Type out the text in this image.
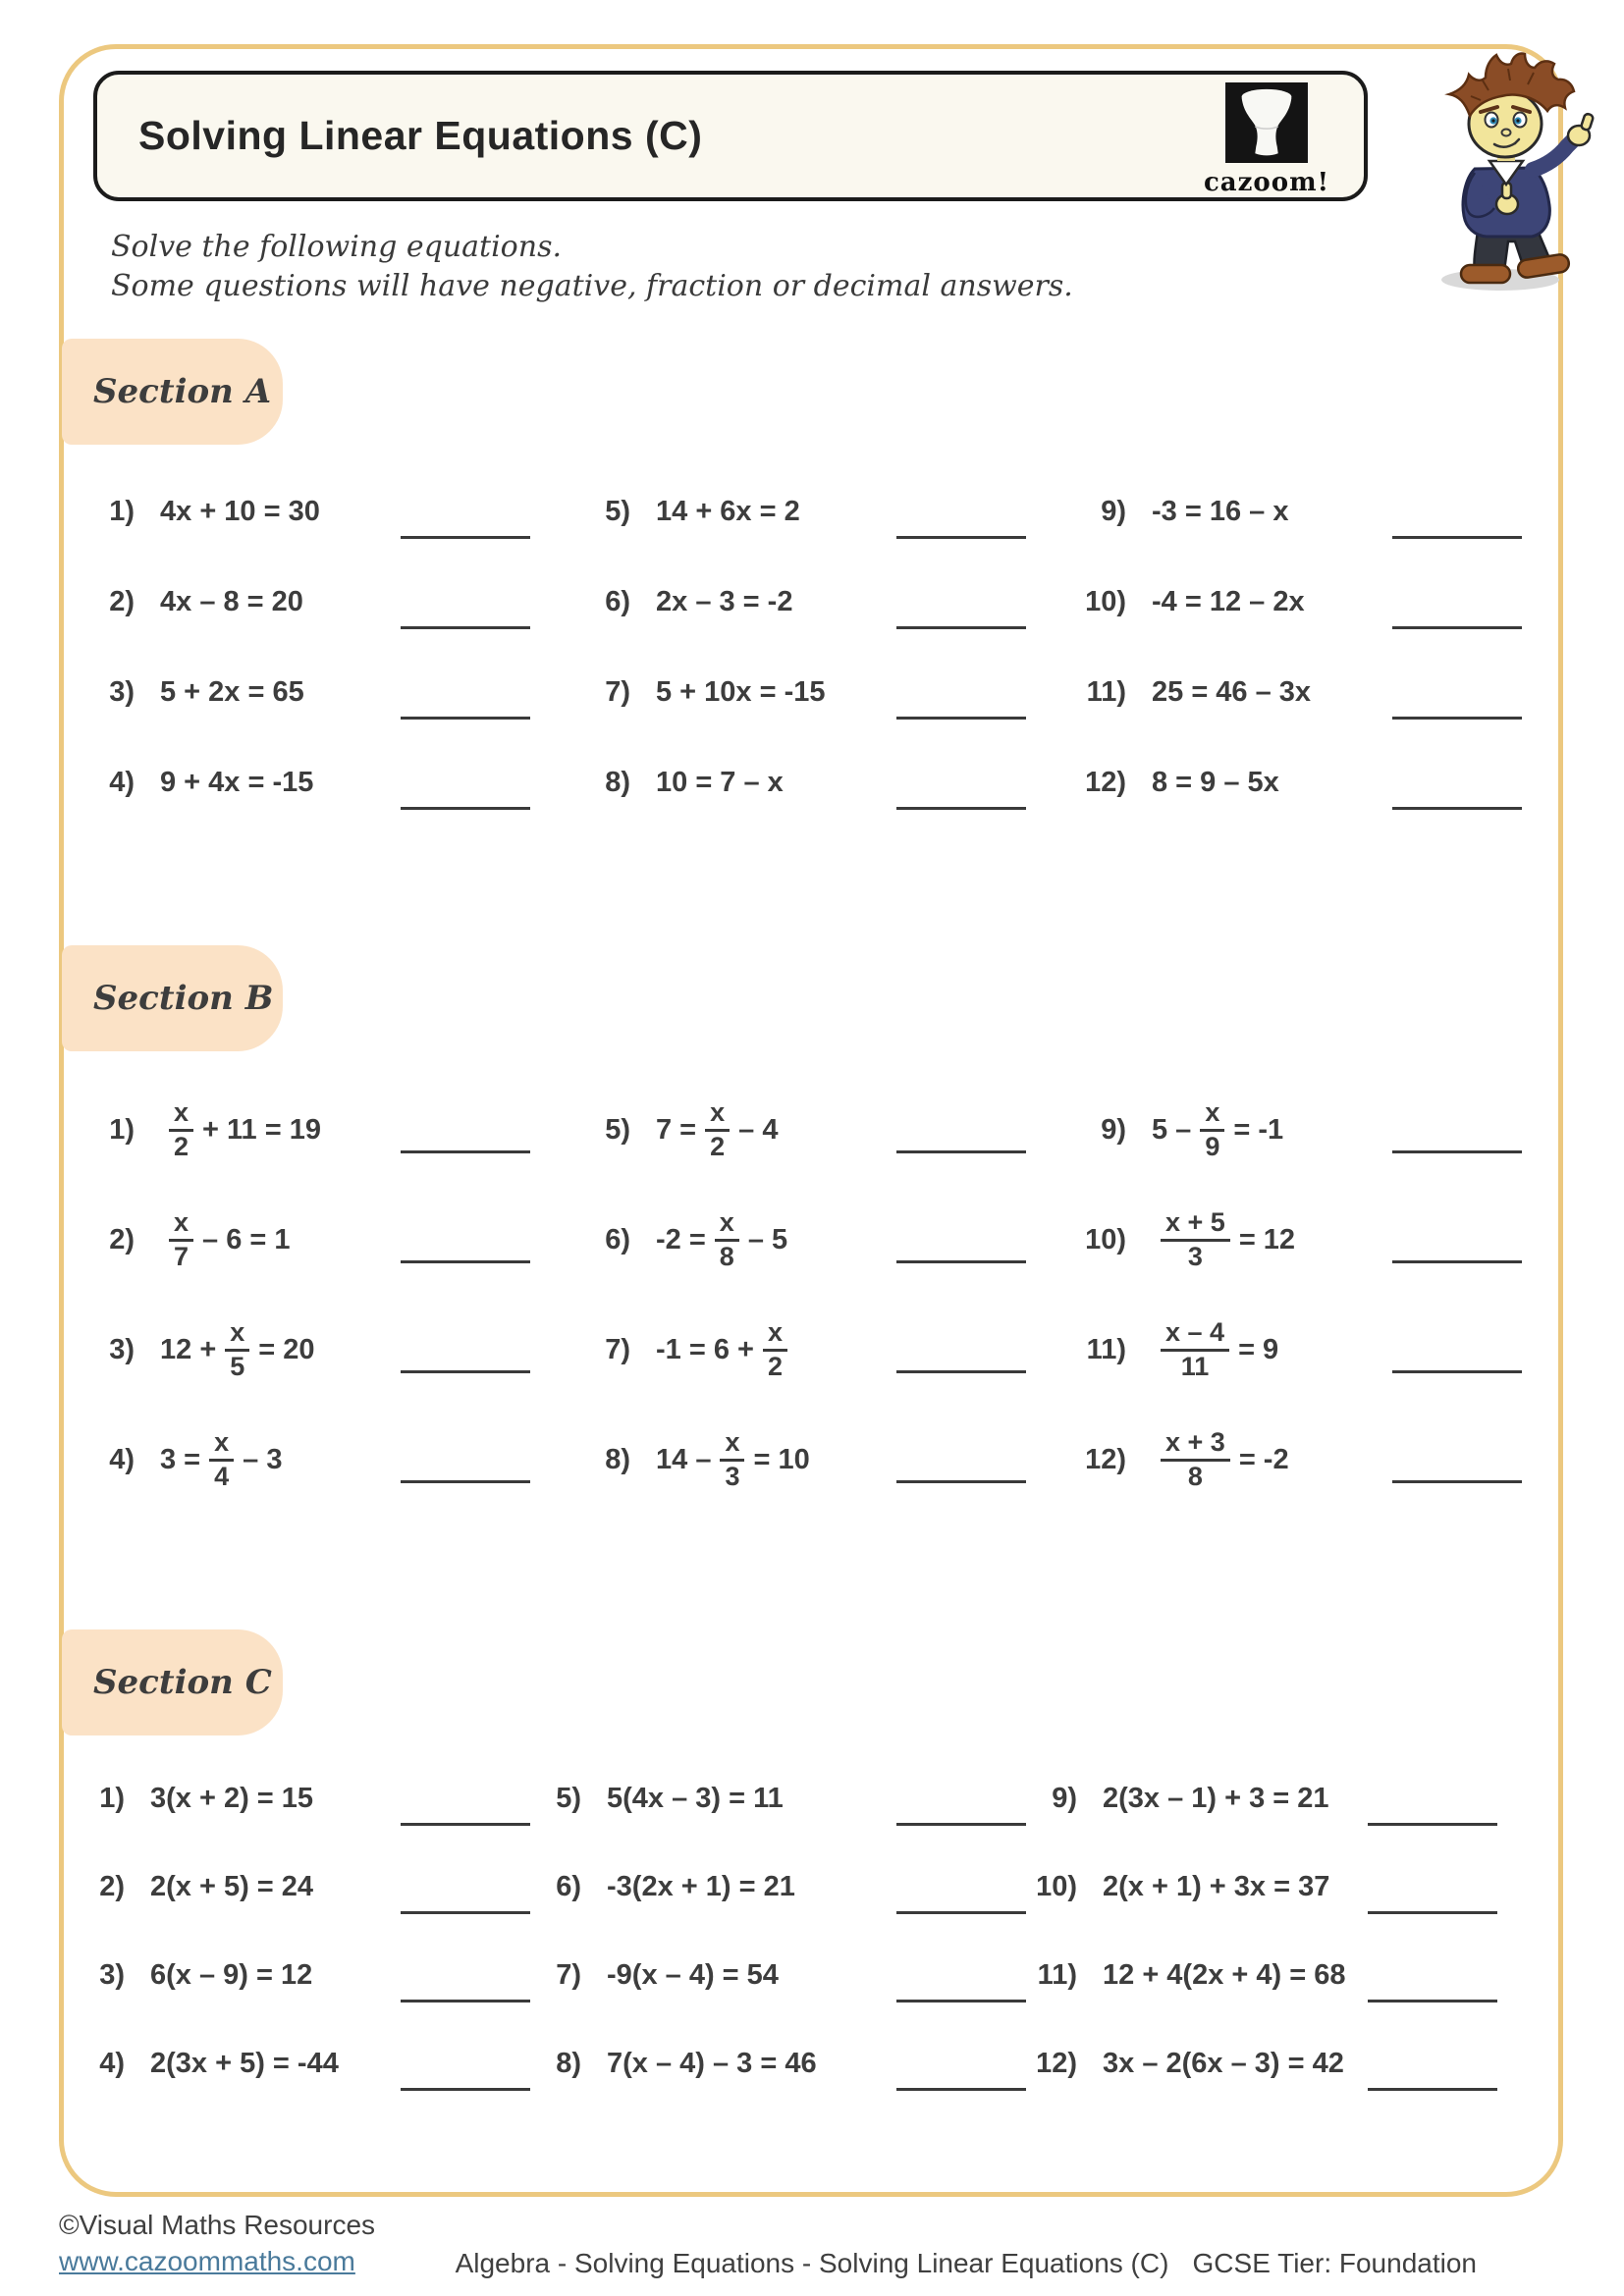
Solving Linear Equations (C)
cazoom!
Solve the following equations.
Some questions will have negative, fraction or decimal answers.
Section A
1) 4x + 10 = 30
2) 4x – 8 = 20
3) 5 + 2x = 65
4) 9 + 4x = -15
5) 14 + 6x = 2
6) 2x – 3 = -2
7) 5 + 10x = -15
8) 10 = 7 – x
9) -3 = 16 – x
10) -4 = 12 – 2x
11) 25 = 46 – 3x
12) 8 = 9 – 5x
Section B
$1) \frac{x}{2} + 11 = 19$
$2) \frac{x}{7} - 6 = 1$
3) $12 + \frac{x}{5} = 20$
4) $3 = \frac{x}{4} - 3$
5) $7 = \frac{x}{2} - 4$
6) $-2 = \frac{x}{8} - 5$
7) $-1 = 6 + \frac{x}{2}$
8) $14 - \frac{x}{3} = 10$
9) $5 - \frac{x}{9} = -1$
$10) \frac{x + 5}{3} = 12$
$11) \frac{x - 4}{11} = 9$
$12) \frac{x + 3}{8} = -2$
Section C
1) 3(x + 2) = 15
2) 2(x + 5) = 24
3) 6(x – 9) = 12
4) 2(3x + 5) = -44
5) 5(4x – 3) = 11
6) -3(2x + 1) = 21
7) -9(x – 4) = 54
8) 7(x – 4) – 3 = 46
9) 2(3x – 1) + 3 = 21
10) 2(x + 1) + 3x = 37
11) 12 + 4(2x + 4) = 68
12) 3x – 2(6x – 3) = 42
©Visual Maths Resources
www.cazoommaths.com	Algebra - Solving Equations - Solving Linear Equations (C) GCSE Tier: Foundation
